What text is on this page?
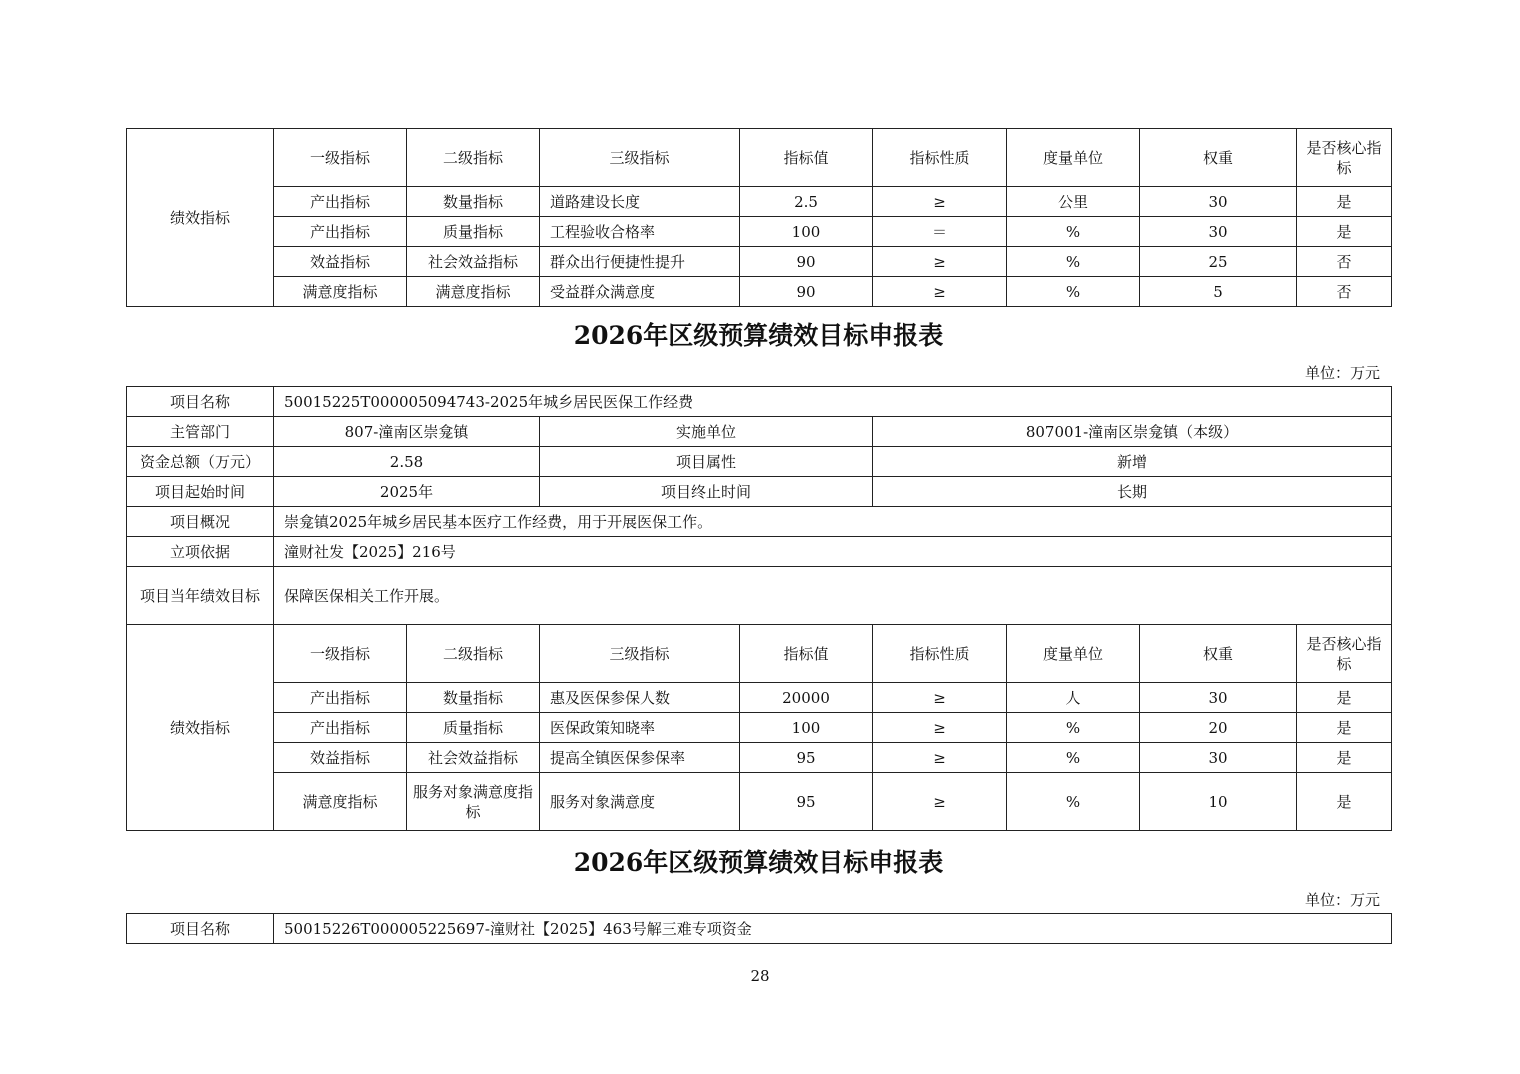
绩效指标	一级指标	二级指标	三级指标	指标值	指标性质	度量单位	权重	是否核心指标
	产出指标	数量指标	道路建设长度	2.5	≥	公里	30	是
	产出指标	质量指标	工程验收合格率	100	＝	%	30	是
	效益指标	社会效益指标	群众出行便捷性提升	90	≥	%	25	否
	满意度指标	满意度指标	受益群众满意度	90	≥	%	5	否
2026年区级预算绩效目标申报表
单位：万元
项目名称	50015225T000005094743-2025年城乡居民医保工作经费							
主管部门	807-潼南区崇龛镇		实施单位		807001-潼南区崇龛镇（本级）			
资金总额（万元）	2.58		项目属性		新增			
项目起始时间	2025年		项目终止时间		长期			
项目概况	崇龛镇2025年城乡居民基本医疗工作经费，用于开展医保工作。							
立项依据	潼财社发【2025】216号							
项目当年绩效目标	保障医保相关工作开展。							
绩效指标	一级指标	二级指标	三级指标	指标值	指标性质	度量单位	权重	是否核心指标
	产出指标	数量指标	惠及医保参保人数	20000	≥	人	30	是
	产出指标	质量指标	医保政策知晓率	100	≥	%	20	是
	效益指标	社会效益指标	提高全镇医保参保率	95	≥	%	30	是
	满意度指标	服务对象满意度指标	服务对象满意度	95	≥	%	10	是
2026年区级预算绩效目标申报表
单位：万元
项目名称	50015226T000005225697-潼财社【2025】463号解三难专项资金
28
